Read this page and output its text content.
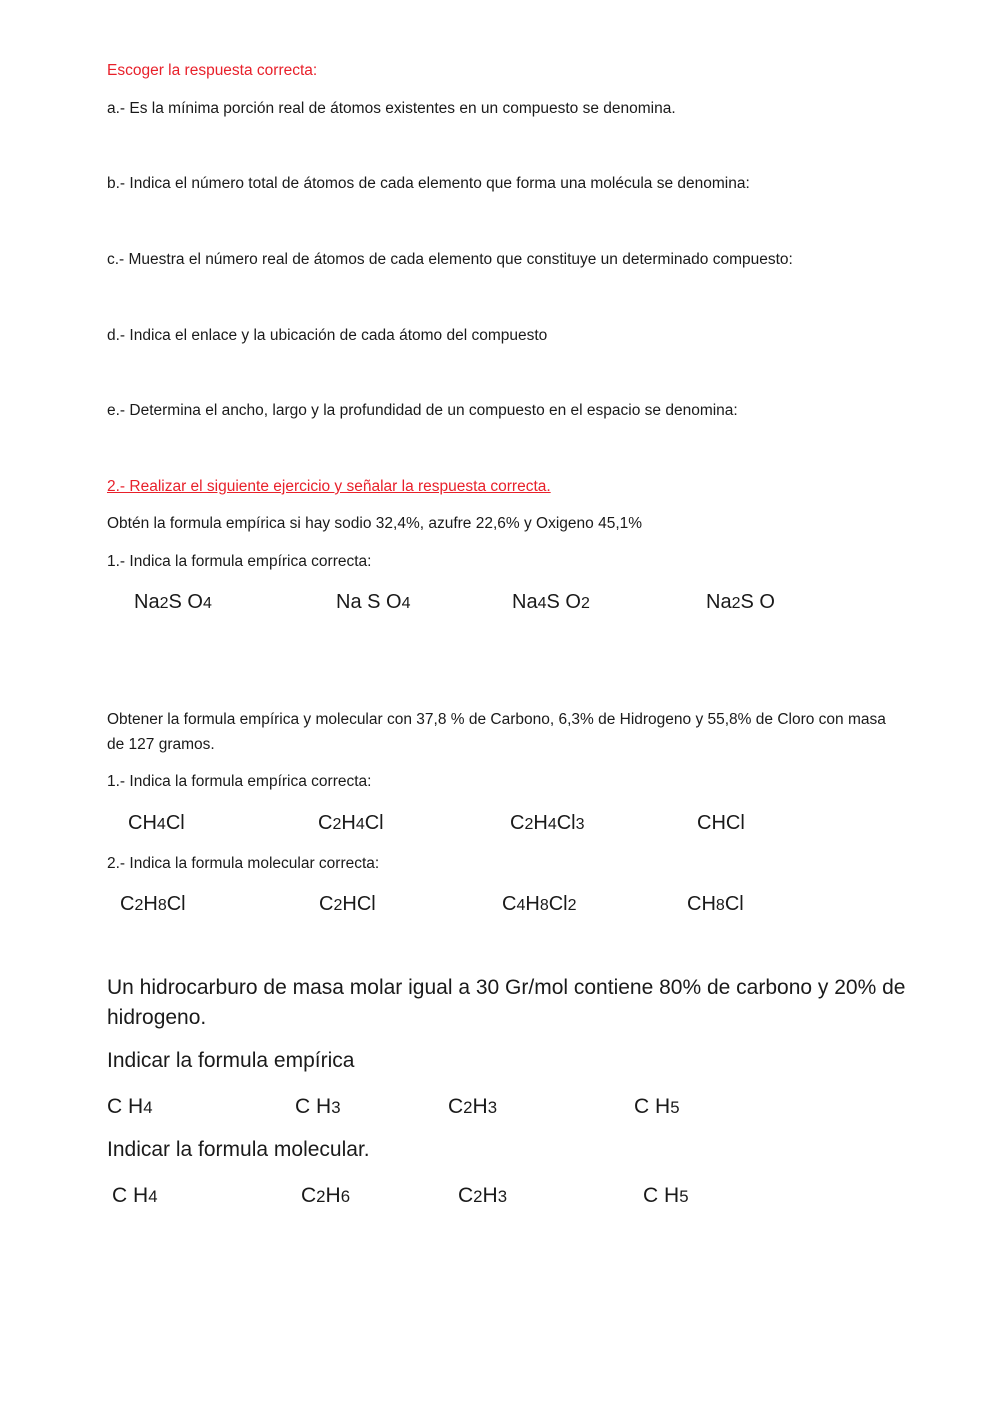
Escoger la respuesta correcta:
a.- Es la mínima porción real de átomos existentes en un compuesto se denomina.
b.- Indica el número total de átomos de cada elemento que forma una molécula se denomina:
c.- Muestra el número real de átomos de cada elemento que constituye un determinado compuesto:
d.- Indica el enlace y la ubicación de cada átomo del compuesto
e.- Determina el ancho, largo y la profundidad de un compuesto en el espacio se denomina:
2.- Realizar el siguiente ejercicio y señalar la respuesta correcta.
Obtén la formula empírica si hay sodio 32,4%, azufre 22,6% y Oxigeno 45,1%
1.- Indica la formula empírica correcta:
Na2S O4	Na S O4	Na4S O2	Na2S O
Obtener la formula empírica y molecular con 37,8 % de Carbono, 6,3% de Hidrogeno y 55,8% de Cloro con masa de 127 gramos.
1.- Indica la formula empírica correcta:
CH4Cl	C2H4Cl	C2H4Cl3	CHCl
2.- Indica la formula molecular correcta:
C2H8Cl	C2HCl	C4H8Cl2	CH8Cl
Un hidrocarburo de masa molar igual a 30 Gr/mol contiene 80% de carbono y 20% de hidrogeno.
Indicar la formula empírica
C H4	C H3	C2H3	C H5
Indicar la formula molecular.
C H4	C2H6	C2H3	C H5
